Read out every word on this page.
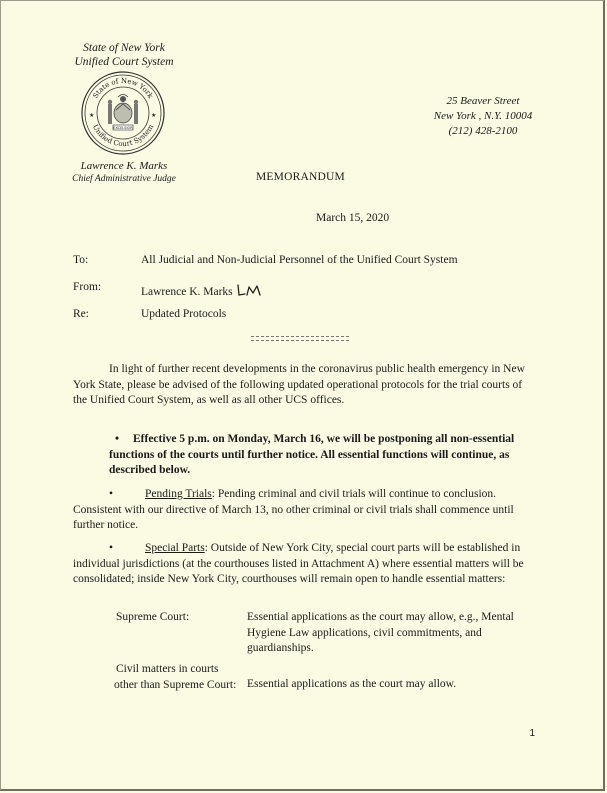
State of New York
Unified Court System
State of New York
Unified Court System
EXCELSIOR
★	★
Lawrence K. Marks
Chief Administrative Judge
25 Beaver Street
New York , N.Y. 10004
(212) 428-2100
MEMORANDUM
March 15, 2020
To:	All Judicial and Non-Judicial Personnel of the Unified Court System
From:	Lawrence K. Marks
Re:	Updated Protocols
In light of further recent developments in the coronavirus public health emergency in New York State, please be advised of the following updated operational protocols for the trial courts of the Unified Court System, as well as all other UCS offices.
• Effective 5 p.m. on Monday, March 16, we will be postponing all non-essential functions of the courts until further notice. All essential functions will continue, as described below.
•	Pending Trials: Pending criminal and civil trials will continue to conclusion. Consistent with our directive of March 13, no other criminal or civil trials shall commence until further notice.
•	Special Parts: Outside of New York City, special court parts will be established in individual jurisdictions (at the courthouses listed in Attachment A) where essential matters will be consolidated; inside New York City, courthouses will remain open to handle essential matters:
Supreme Court:	Essential applications as the court may allow, e.g., Mental Hygiene Law applications, civil commitments, and guardianships.
Civil matters in courts
other than Supreme Court: Essential applications as the court may allow.
1
